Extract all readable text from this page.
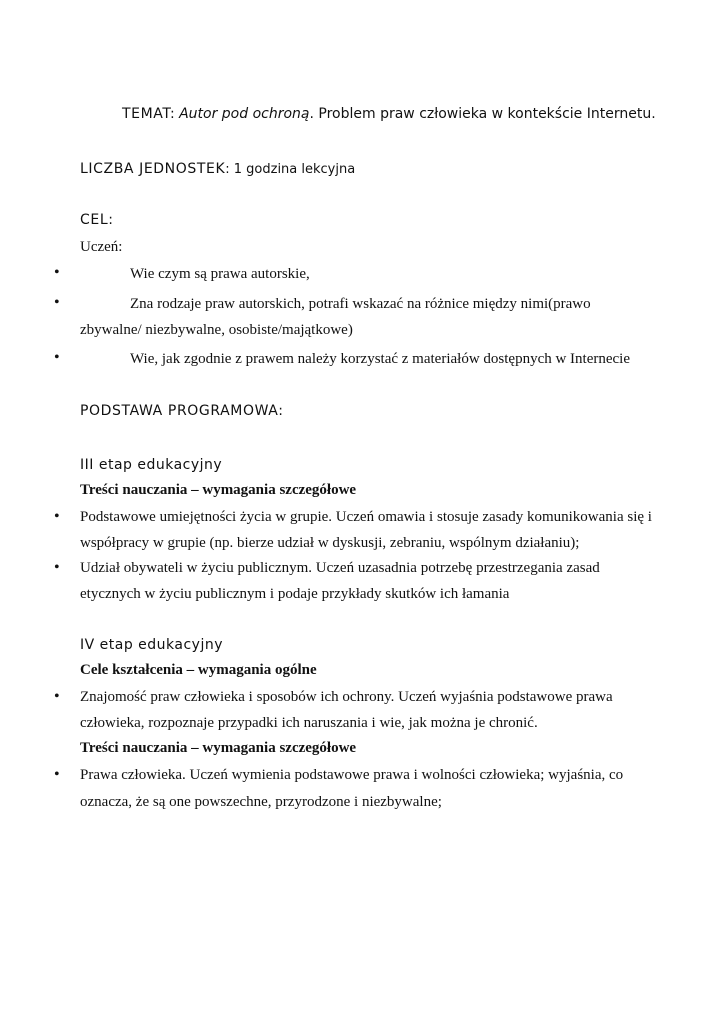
TEMAT: Autor pod ochroną. Problem praw człowieka w kontekście Internetu.
LICZBA JEDNOSTEK: 1 godzina lekcyjna
CEL:
Uczeń:
•	Wie czym są prawa autorskie,
•	Zna rodzaje praw autorskich, potrafi wskazać na różnice między nimi(prawo
zbywalne/ niezbywalne, osobiste/majątkowe)
•	Wie, jak zgodnie z prawem należy korzystać z materiałów dostępnych w Internecie
PODSTAWA PROGRAMOWA:
III etap edukacyjny
Treści nauczania – wymagania szczegółowe
• Podstawowe umiejętności życia w grupie. Uczeń omawia i stosuje zasady komunikowania się i
współpracy w grupie (np. bierze udział w dyskusji, zebraniu, wspólnym działaniu);
• Udział obywateli w życiu publicznym. Uczeń uzasadnia potrzebę przestrzegania zasad
etycznych w życiu publicznym i podaje przykłady skutków ich łamania
IV etap edukacyjny
Cele kształcenia – wymagania ogólne
• Znajomość praw człowieka i sposobów ich ochrony. Uczeń wyjaśnia podstawowe prawa
człowieka, rozpoznaje przypadki ich naruszania i wie, jak można je chronić.
Treści nauczania – wymagania szczegółowe
• Prawa człowieka. Uczeń wymienia podstawowe prawa i wolności człowieka; wyjaśnia, co
oznacza, że są one powszechne, przyrodzone i niezbywalne;
